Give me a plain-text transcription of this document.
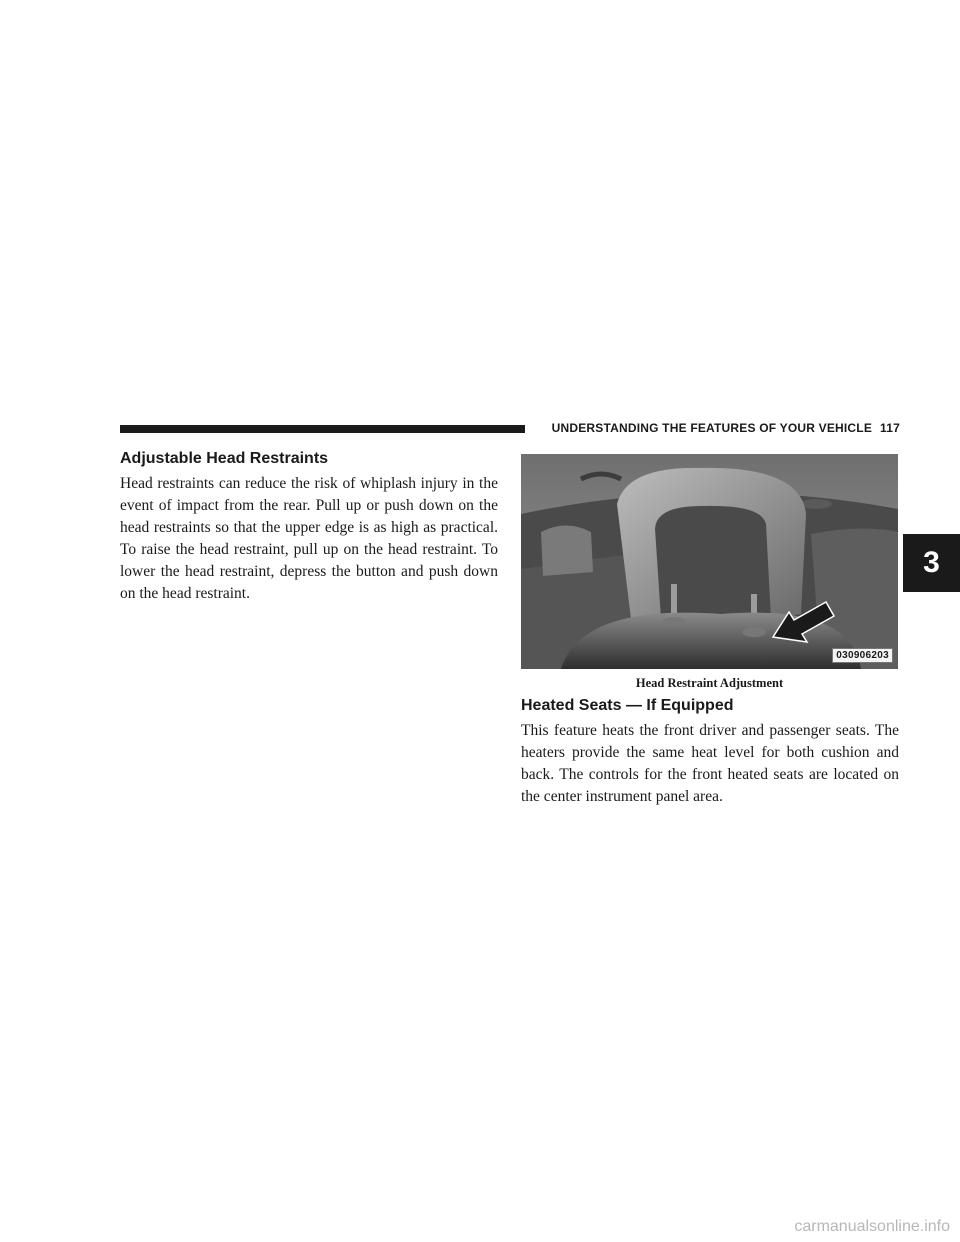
UNDERSTANDING THE FEATURES OF YOUR VEHICLE 117
3
Adjustable Head Restraints

Head restraints can reduce the risk of whiplash injury in the event of impact from the rear. Pull up or push down on the head restraints so that the upper edge is as high as practical. To raise the head restraint, pull up on the head restraint. To lower the head restraint, depress the button and push down on the head restraint.

030906203
Head Restraint Adjustment
Heated Seats — If Equipped

This feature heats the front driver and passenger seats. The heaters provide the same heat level for both cushion and back. The controls for the front heated seats are located on the center instrument panel area.

carmanualsonline.info
